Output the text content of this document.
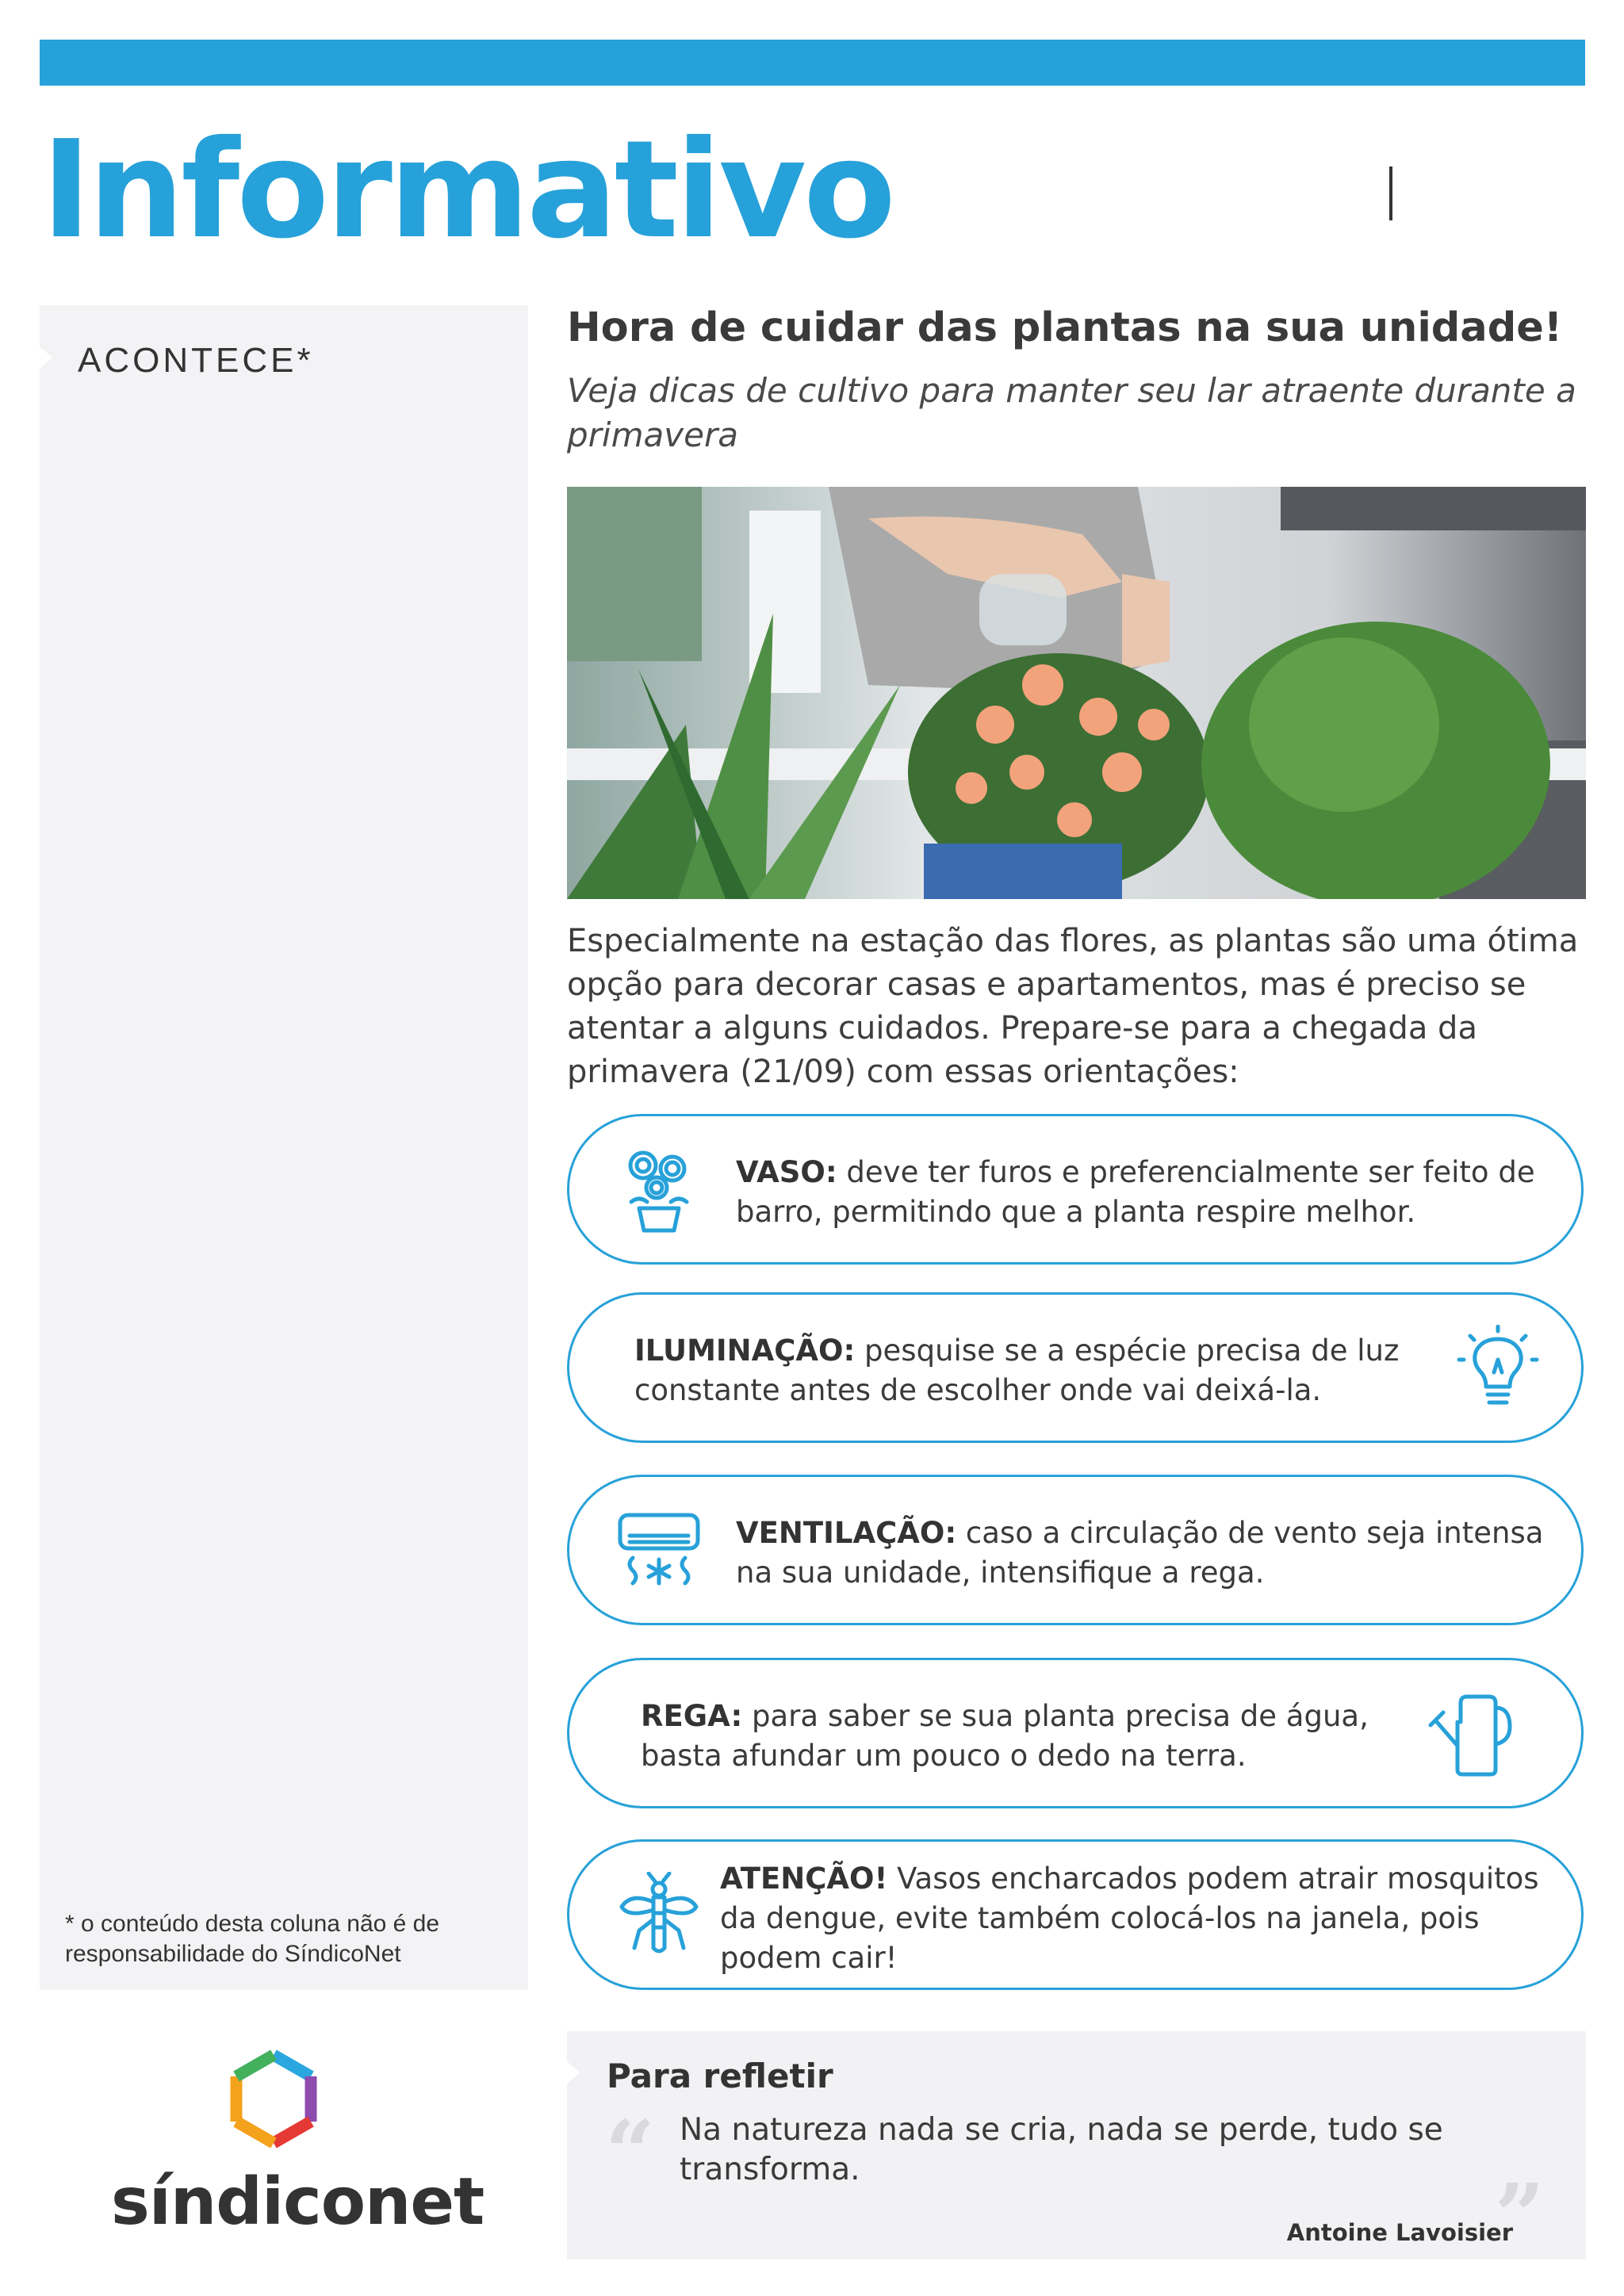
Informativo
ACONTECE*
* o conteúdo desta coluna não é de responsabilidade do SíndicoNet
síndiconet
Hora de cuidar das plantas na sua unidade!
Veja dicas de cultivo para manter seu lar atraente durante a primavera
Especialmente na estação das flores, as plantas são uma ótima opção para decorar casas e apartamentos, mas é preciso se atentar a alguns cuidados. Prepare-se para a chegada da primavera (21/09) com essas orientações:
VASO: deve ter furos e preferencialmente ser feito de barro, permitindo que a planta respire melhor.
ILUMINAÇÃO: pesquise se a espécie precisa de luz constante antes de escolher onde vai deixá-la.
VENTILAÇÃO: caso a circulação de vento seja intensa na sua unidade, intensifique a rega.
REGA: para saber se sua planta precisa de água, basta afundar um pouco o dedo na terra.
ATENÇÃO! Vasos encharcados podem atrair mosquitos da dengue, evite também colocá-los na janela, pois podem cair!
Para refletir
“ Na natureza nada se cria, nada se perde, tudo se transforma.	”
Antoine Lavoisier
